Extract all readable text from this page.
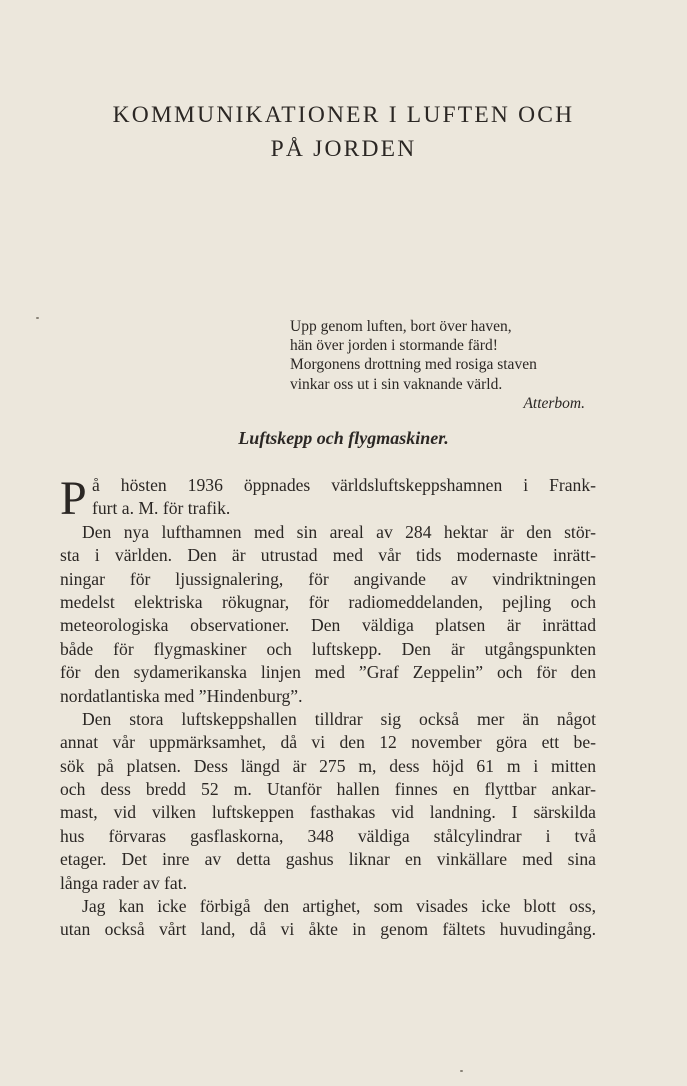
KOMMUNIKATIONER I LUFTEN OCH
PÅ JORDEN
Upp genom luften, bort över haven,
hän över jorden i stormande färd!
Morgonens drottning med rosiga staven
vinkar oss ut i sin vaknande värld.
Atterbom.
Luftskepp och flygmaskiner.
P å hösten 1936 öppnades världsluftskeppshamnen i Frank-
furt a. M. för trafik.
Den nya lufthamnen med sin areal av 284 hektar är den stör-
sta i världen. Den är utrustad med vår tids modernaste inrätt-
ningar för ljussignalering, för angivande av vindriktningen
medelst elektriska rökugnar, för radiomeddelanden, pejling och
meteorologiska observationer. Den väldiga platsen är inrättad
både för flygmaskiner och luftskepp. Den är utgångspunkten
för den sydamerikanska linjen med ”Graf Zeppelin” och för den
nordatlantiska med ”Hindenburg”.
Den stora luftskeppshallen tilldrar sig också mer än något
annat vår uppmärksamhet, då vi den 12 november göra ett be-
sök på platsen. Dess längd är 275 m, dess höjd 61 m i mitten
och dess bredd 52 m. Utanför hallen finnes en flyttbar ankar-
mast, vid vilken luftskeppen fasthakas vid landning. I särskilda
hus förvaras gasflaskorna, 348 väldiga stålcylindrar i två
etager. Det inre av detta gashus liknar en vinkällare med sina
långa rader av fat.
Jag kan icke förbigå den artighet, som visades icke blott oss,
utan också vårt land, då vi åkte in genom fältets huvudingång.
